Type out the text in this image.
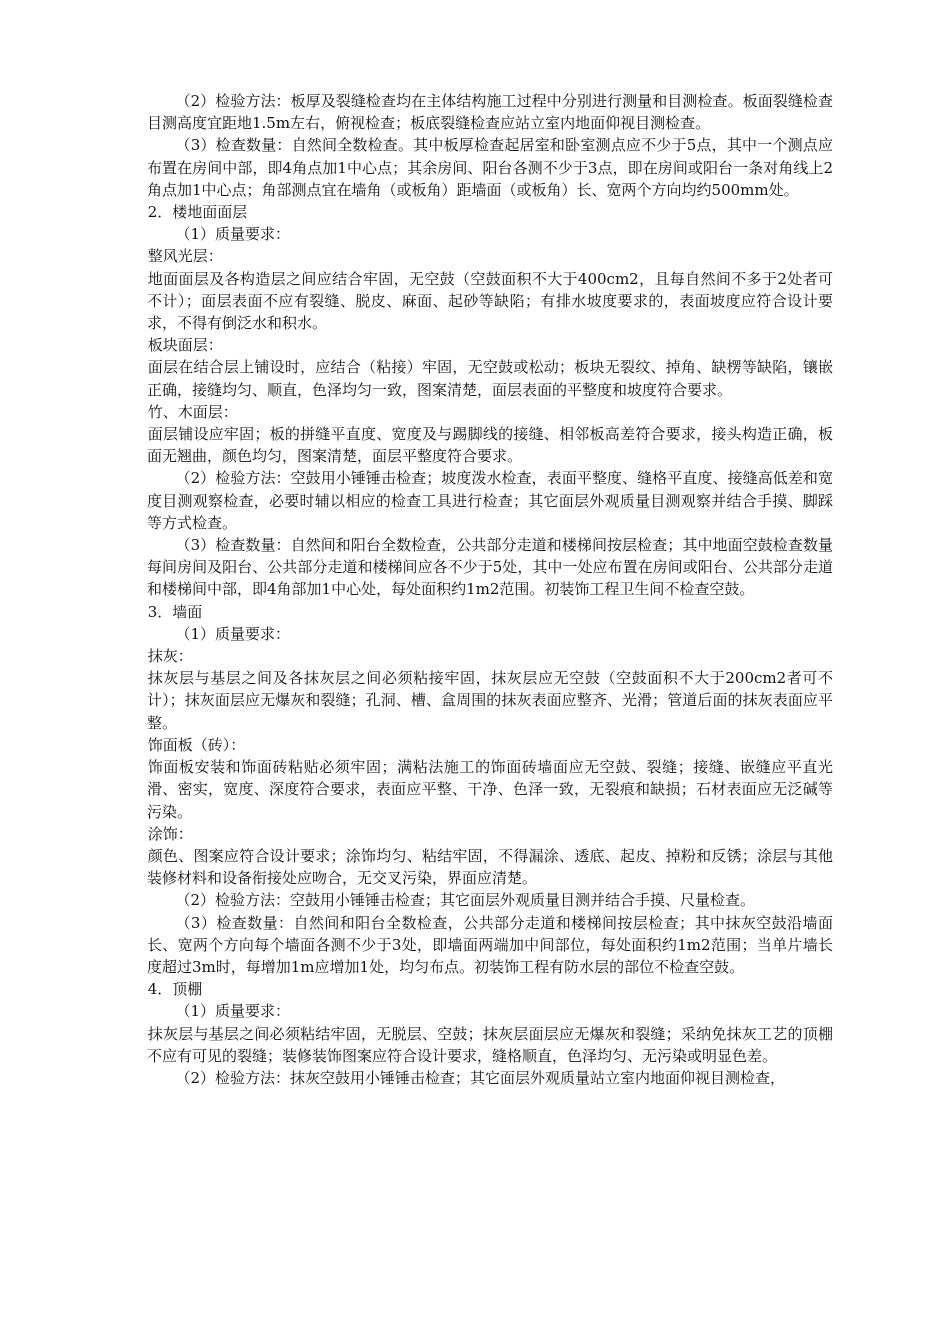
（2）检验方法：板厚及裂缝检查均在主体结构施工过程中分别进行测量和目测检查。板面裂缝检查目测高度宜距地1.5m左右，俯视检查；板底裂缝检查应站立室内地面仰视目测检查。

（3）检查数量：自然间全数检查。其中板厚检查起居室和卧室测点应不少于5点，其中一个测点应布置在房间中部，即4角点加1中心点；其余房间、阳台各测不少于3点，即在房间或阳台一条对角线上2角点加1中心点；角部测点宜在墙角（或板角）距墙面（或板角）长、宽两个方向均约500mm处。

2．楼地面面层

（1）质量要求：

整风光层：

地面面层及各构造层之间应结合牢固，无空鼓（空鼓面积不大于400cm2，且每自然间不多于2处者可不计）；面层表面不应有裂缝、脱皮、麻面、起砂等缺陷；有排水坡度要求的，表面坡度应符合设计要求，不得有倒泛水和积水。

板块面层：

面层在结合层上铺设时，应结合（粘接）牢固，无空鼓或松动；板块无裂纹、掉角、缺楞等缺陷，镶嵌正确，接缝均匀、顺直，色泽均匀一致，图案清楚，面层表面的平整度和坡度符合要求。

竹、木面层：

面层铺设应牢固；板的拼缝平直度、宽度及与踢脚线的接缝、相邻板高差符合要求，接头构造正确，板面无翘曲，颜色均匀，图案清楚，面层平整度符合要求。

（2）检验方法：空鼓用小锤锤击检查；坡度泼水检查，表面平整度、缝格平直度、接缝高低差和宽度目测观察检查，必要时辅以相应的检查工具进行检查；其它面层外观质量目测观察并结合手摸、脚踩等方式检查。

（3）检查数量：自然间和阳台全数检查，公共部分走道和楼梯间按层检查；其中地面空鼓检查数量每间房间及阳台、公共部分走道和楼梯间应各不少于5处，其中一处应布置在房间或阳台、公共部分走道和楼梯间中部，即4角部加1中心处，每处面积约1m2范围。初装饰工程卫生间不检查空鼓。

3．墙面

（1）质量要求：

抹灰：

抹灰层与基层之间及各抹灰层之间必须粘接牢固，抹灰层应无空鼓（空鼓面积不大于200cm2者可不计）；抹灰面层应无爆灰和裂缝；孔洞、槽、盒周围的抹灰表面应整齐、光滑；管道后面的抹灰表面应平整。

饰面板（砖）：

饰面板安装和饰面砖粘贴必须牢固；满粘法施工的饰面砖墙面应无空鼓、裂缝；接缝、嵌缝应平直光滑、密实，宽度、深度符合要求，表面应平整、干净、色泽一致，无裂痕和缺损；石材表面应无泛碱等污染。

涂饰：

颜色、图案应符合设计要求；涂饰均匀、粘结牢固，不得漏涂、透底、起皮、掉粉和反锈；涂层与其他装修材料和设备衔接处应吻合，无交叉污染，界面应清楚。

（2）检验方法：空鼓用小锤锤击检查；其它面层外观质量目测并结合手摸、尺量检查。

（3）检查数量：自然间和阳台全数检查，公共部分走道和楼梯间按层检查；其中抹灰空鼓沿墙面长、宽两个方向每个墙面各测不少于3处，即墙面两端加中间部位，每处面积约1m2范围；当单片墙长度超过3m时，每增加1m应增加1处，均匀布点。初装饰工程有防水层的部位不检查空鼓。

4．顶棚

（1）质量要求：

抹灰层与基层之间必须粘结牢固，无脱层、空鼓；抹灰层面层应无爆灰和裂缝；采纳免抹灰工艺的顶棚不应有可见的裂缝；装修装饰图案应符合设计要求，缝格顺直，色泽均匀、无污染或明显色差。

（2）检验方法：抹灰空鼓用小锤锤击检查；其它面层外观质量站立室内地面仰视目测检查，
